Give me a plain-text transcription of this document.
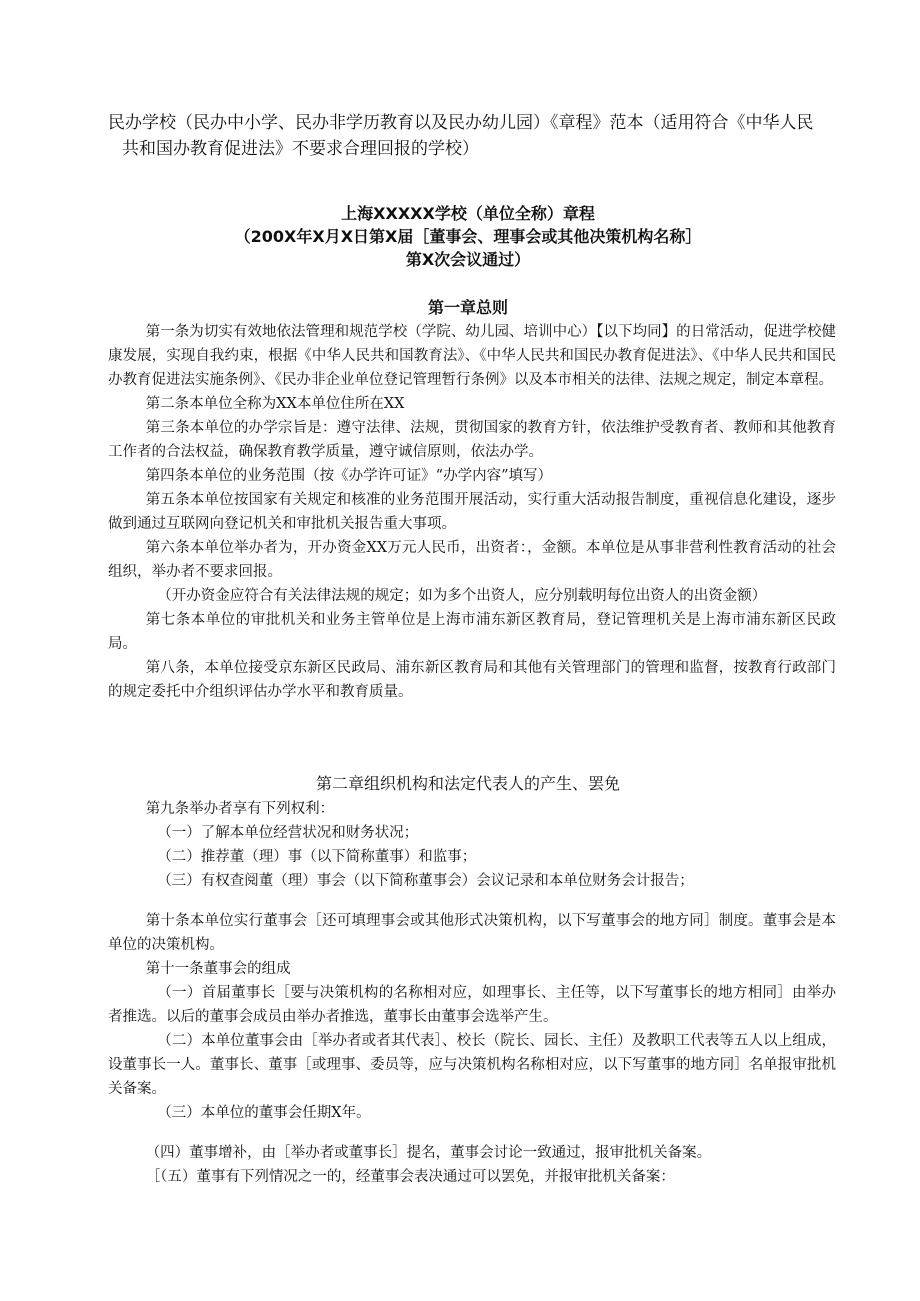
民办学校（民办中小学、民办非学历教育以及民办幼儿园）《章程》范本（适用符合《中华人民
共和国办教育促进法》不要求合理回报的学校）
上海XXXXX学校（单位全称）章程
（200X年X月X日第X届［董事会、理事会或其他决策机构名称］
第X次会议通过）
第一章总则

第一条为切实有效地依法管理和规范学校（学院、幼儿园、培训中心）【以下均同】的日常活动，促进学校健康发展，实现自我约束，根据《中华人民共和国教育法》、《中华人民共和国民办教育促进法》、《中华人民共和国民办教育促进法实施条例》、《民办非企业单位登记管理暂行条例》以及本市相关的法律、法规之规定，制定本章程。

第二条本单位全称为XX本单位住所在XX

第三条本单位的办学宗旨是：遵守法律、法规，贯彻国家的教育方针，依法维护受教育者、教师和其他教育工作者的合法权益，确保教育教学质量，遵守诚信原则，依法办学。

第四条本单位的业务范围（按《办学许可证》“办学内容”填写）

第五条本单位按国家有关规定和核准的业务范围开展活动，实行重大活动报告制度，重视信息化建设，逐步做到通过互联网向登记机关和审批机关报告重大事项。

第六条本单位举办者为，开办资金XX万元人民币，出资者：，金额。本单位是从事非营利性教育活动的社会组织，举办者不要求回报。

（开办资金应符合有关法律法规的规定；如为多个出资人，应分别载明每位出资人的出资金额）

第七条本单位的审批机关和业务主管单位是上海市浦东新区教育局，登记管理机关是上海市浦东新区民政局。

第八条，本单位接受京东新区民政局、浦东新区教育局和其他有关管理部门的管理和监督，按教育行政部门的规定委托中介组织评估办学水平和教育质量。

第二章组织机构和法定代表人的产生、罢免

第九条举办者享有下列权利：

（一）了解本单位经营状况和财务状况；

（二）推荐董（理）事（以下简称董事）和监事；

（三）有权查阅董（理）事会（以下简称董事会）会议记录和本单位财务会计报告；

第十条本单位实行董事会［还可填理事会或其他形式决策机构，以下写董事会的地方同］制度。董事会是本单位的决策机构。

第十一条董事会的组成

（一）首届董事长［要与决策机构的名称相对应，如理事长、主任等，以下写董事长的地方相同］由举办者推选。以后的董事会成员由举办者推选，董事长由董事会选举产生。

（二）本单位董事会由［举办者或者其代表］、校长（院长、园长、主任）及教职工代表等五人以上组成，设董事长一人。董事长、董事［或理事、委员等，应与决策机构名称相对应，以下写董事的地方同］名单报审批机关备案。

（三）本单位的董事会任期X年。

（四）董事增补，由［举办者或董事长］提名，董事会讨论一致通过，报审批机关备案。

［（五）董事有下列情况之一的，经董事会表决通过可以罢免，并报审批机关备案：
